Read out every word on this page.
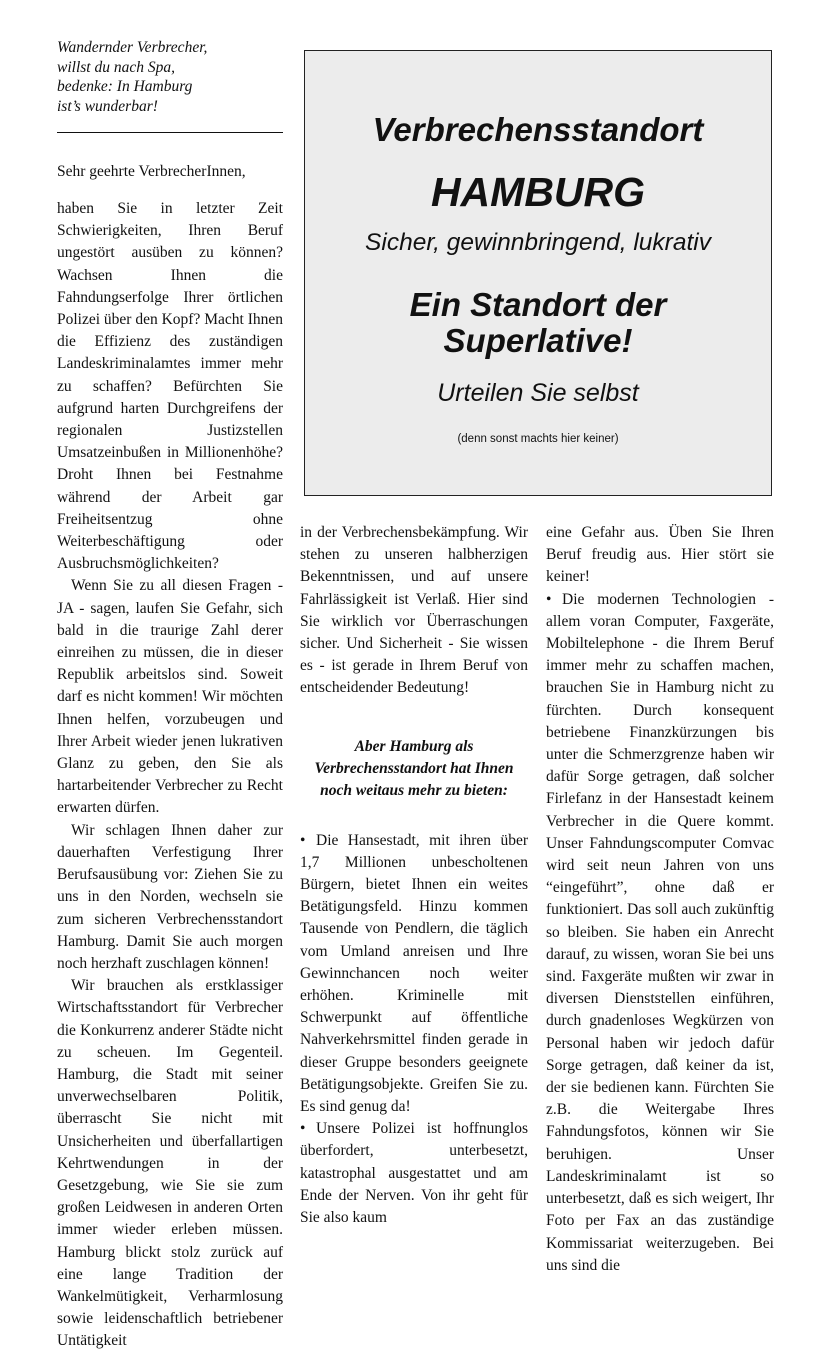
Wandernder Verbrecher,
willst du nach Spa,
bedenke: In Hamburg
ist’s wunderbar!
Sehr geehrte VerbrecherInnen,
Verbrechensstandort
HAMBURG
Sicher, gewinnbringend, lukrativ
Ein Standort der
Superlative!
Urteilen Sie selbst
(denn sonst machts hier keiner)

haben Sie in letzter Zeit Schwierigkeiten, Ihren Beruf ungestört ausüben zu können? Wachsen Ihnen die Fahndungserfolge Ihrer örtlichen Polizei über den Kopf? Macht Ihnen die Effizienz des zuständigen Landeskriminalamtes immer mehr zu schaffen? Befürchten Sie aufgrund harten Durchgreifens der regionalen Justizstellen Umsatzeinbußen in Millionenhöhe? Droht Ihnen bei Festnahme während der Arbeit gar Freiheitsentzug ohne Weiterbeschäftigung oder Ausbruchsmöglichkeiten?

Wenn Sie zu all diesen Fragen - JA - sagen, laufen Sie Gefahr, sich bald in die traurige Zahl derer einreihen zu müssen, die in dieser Republik arbeitslos sind. Soweit darf es nicht kommen! Wir möchten Ihnen helfen, vorzubeugen und Ihrer Arbeit wieder jenen lukrativen Glanz zu geben, den Sie als hartarbeitender Verbrecher zu Recht erwarten dürfen.

Wir schlagen Ihnen daher zur dauerhaften Verfestigung Ihrer Berufsausübung vor: Ziehen Sie zu uns in den Norden, wechseln sie zum sicheren Verbrechensstandort Hamburg. Damit Sie auch morgen noch herzhaft zuschlagen können!

Wir brauchen als erstklassiger Wirtschaftsstandort für Verbrecher die Konkurrenz anderer Städte nicht zu scheuen. Im Gegenteil. Hamburg, die Stadt mit seiner unverwechselbaren Politik, überrascht Sie nicht mit Unsicherheiten und überfallartigen Kehrtwendungen in der Gesetzgebung, wie Sie sie zum großen Leidwesen in anderen Orten immer wieder erleben müssen. Hamburg blickt stolz zurück auf eine lange Tradition der Wankelmütigkeit, Verharmlosung sowie leidenschaftlich betriebener Untätigkeit

in der Verbrechensbekämpfung. Wir stehen zu unseren halbherzigen Bekenntnissen, und auf unsere Fahrlässigkeit ist Verlaß. Hier sind Sie wirklich vor Überraschungen sicher. Und Sicherheit - Sie wissen es - ist gerade in Ihrem Beruf von entscheidender Bedeutung!

Aber Hamburg als Verbrechensstandort hat Ihnen noch weitaus mehr zu bieten:

• Die Hansestadt, mit ihren über 1,7 Millionen unbescholtenen Bürgern, bietet Ihnen ein weites Betätigungsfeld. Hinzu kommen Tausende von Pendlern, die täglich vom Umland anreisen und Ihre Gewinnchancen noch weiter erhöhen. Kriminelle mit Schwerpunkt auf öffentliche Nahverkehrsmittel finden gerade in dieser Gruppe besonders geeignete Betätigungsobjekte. Greifen Sie zu. Es sind genug da!

• Unsere Polizei ist hoffnunglos überfordert, unterbesetzt, katastrophal ausgestattet und am Ende der Nerven. Von ihr geht für Sie also kaum

eine Gefahr aus. Üben Sie Ihren Beruf freudig aus. Hier stört sie keiner!

• Die modernen Technologien - allem voran Computer, Faxgeräte, Mobiltelephone - die Ihrem Beruf immer mehr zu schaffen machen, brauchen Sie in Hamburg nicht zu fürchten. Durch konsequent betriebene Finanzkürzungen bis unter die Schmerzgrenze haben wir dafür Sorge getragen, daß solcher Firlefanz in der Hansestadt keinem Verbrecher in die Quere kommt. Unser Fahndungscomputer Comvac wird seit neun Jahren von uns “eingeführt”, ohne daß er funktioniert. Das soll auch zukünftig so bleiben. Sie haben ein Anrecht darauf, zu wissen, woran Sie bei uns sind. Faxgeräte mußten wir zwar in diversen Dienststellen einführen, durch gnadenloses Wegkürzen von Personal haben wir jedoch dafür Sorge getragen, daß keiner da ist, der sie bedienen kann. Fürchten Sie z.B. die Weitergabe Ihres Fahndungsfotos, können wir Sie beruhigen. Unser Landeskriminalamt ist so unterbesetzt, daß es sich weigert, Ihr Foto per Fax an das zuständige Kommissariat weiterzugeben. Bei uns sind die
